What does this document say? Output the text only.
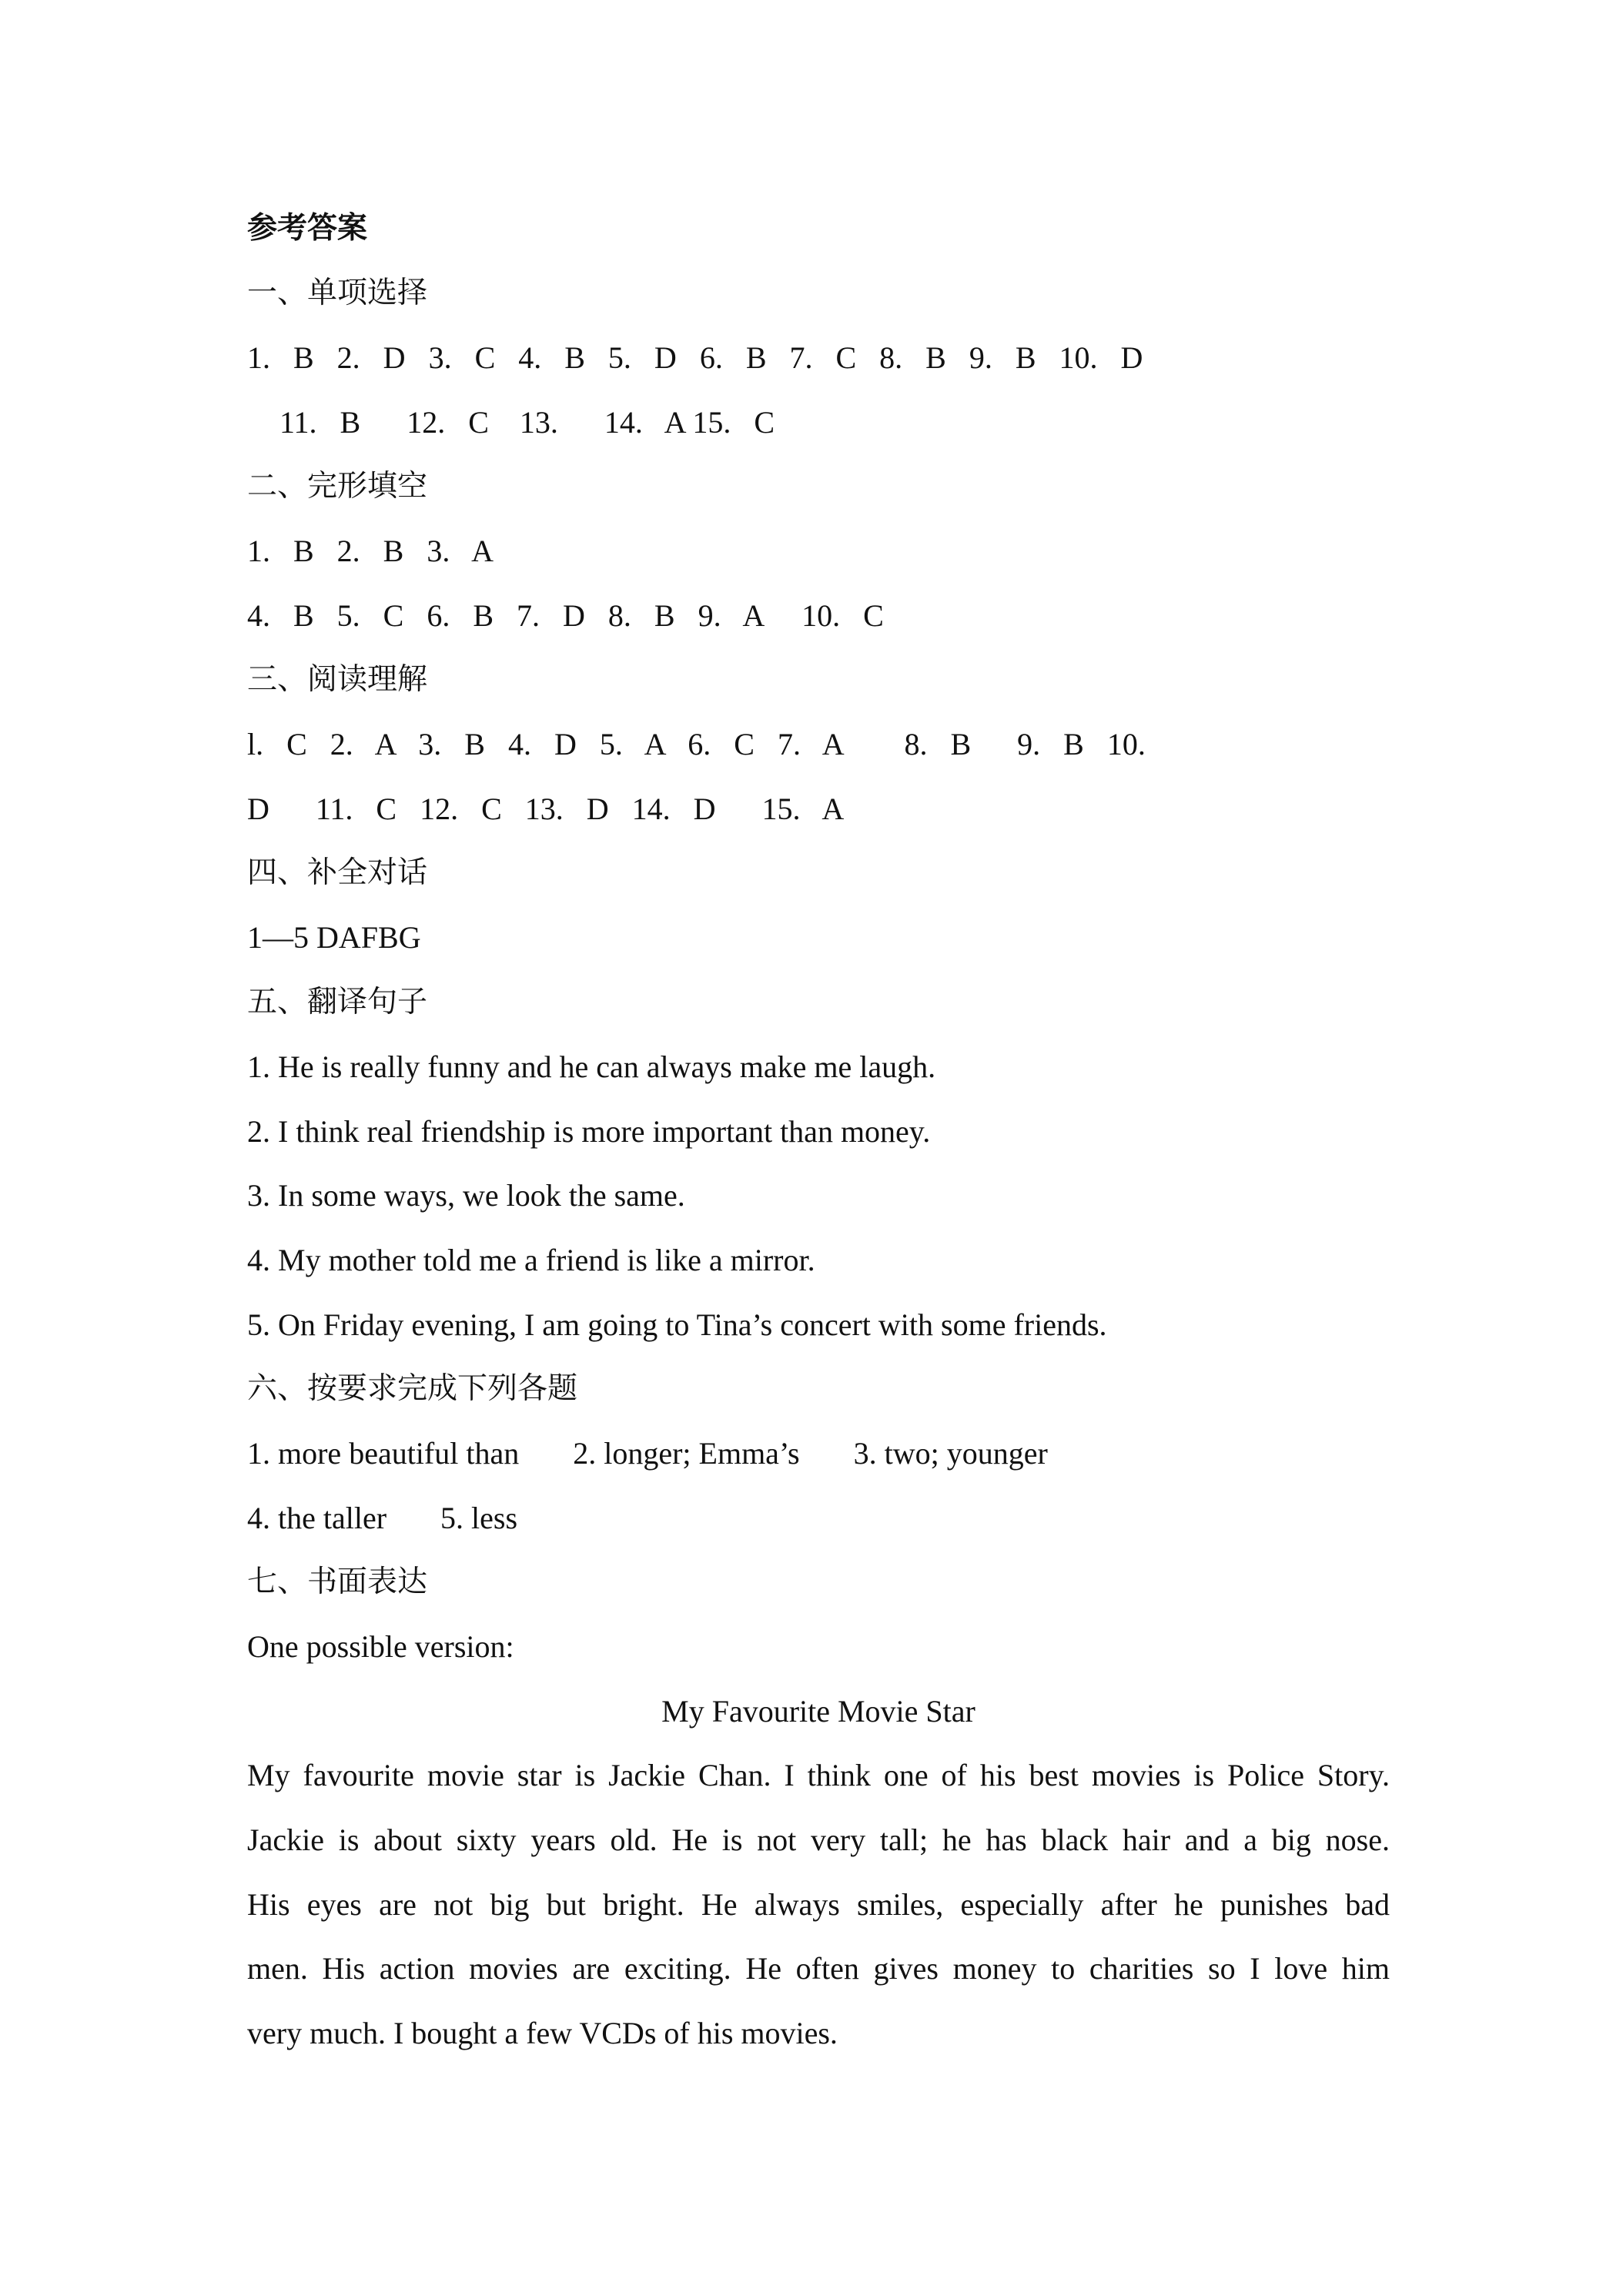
参考答案
一、单项选择
1.   B   2.   D   3.   C   4.   B   5.   D   6.   B   7.   C   8.   B   9.   B   10.   D
11.   B      12.   C    13.      14.   A 15.   C
二、完形填空
1.   B   2.   B   3.   A
4.   B   5.   C   6.   B   7.   D   8.   B   9.   A     10.   C
三、阅读理解
l.   C   2.   A   3.   B   4.   D   5.   A   6.   C   7.   A        8.   B      9.   B   10.
D      11.   C   12.   C   13.   D   14.   D      15.   A
四、补全对话
1—5 DAFBG
五、翻译句子
1. He is really funny and he can always make me laugh.
2. I think real friendship is more important than money.
3. In some ways, we look the same.
4. My mother told me a friend is like a mirror.
5. On Friday evening, I am going to Tina’s concert with some friends.
六、按要求完成下列各题
1. more beautiful than       2. longer; Emma’s       3. two; younger
4. the taller       5. less
七、书面表达
One possible version:
My Favourite Movie Star
My favourite movie star is Jackie Chan. I think one of his best movies is Police Story.
Jackie is about sixty years old. He is not very tall; he has black hair and a big nose.
His eyes are not big but bright. He always smiles, especially after he punishes bad
men. His action movies are exciting. He often gives money to charities so I love him
very much. I bought a few VCDs of his movies.
